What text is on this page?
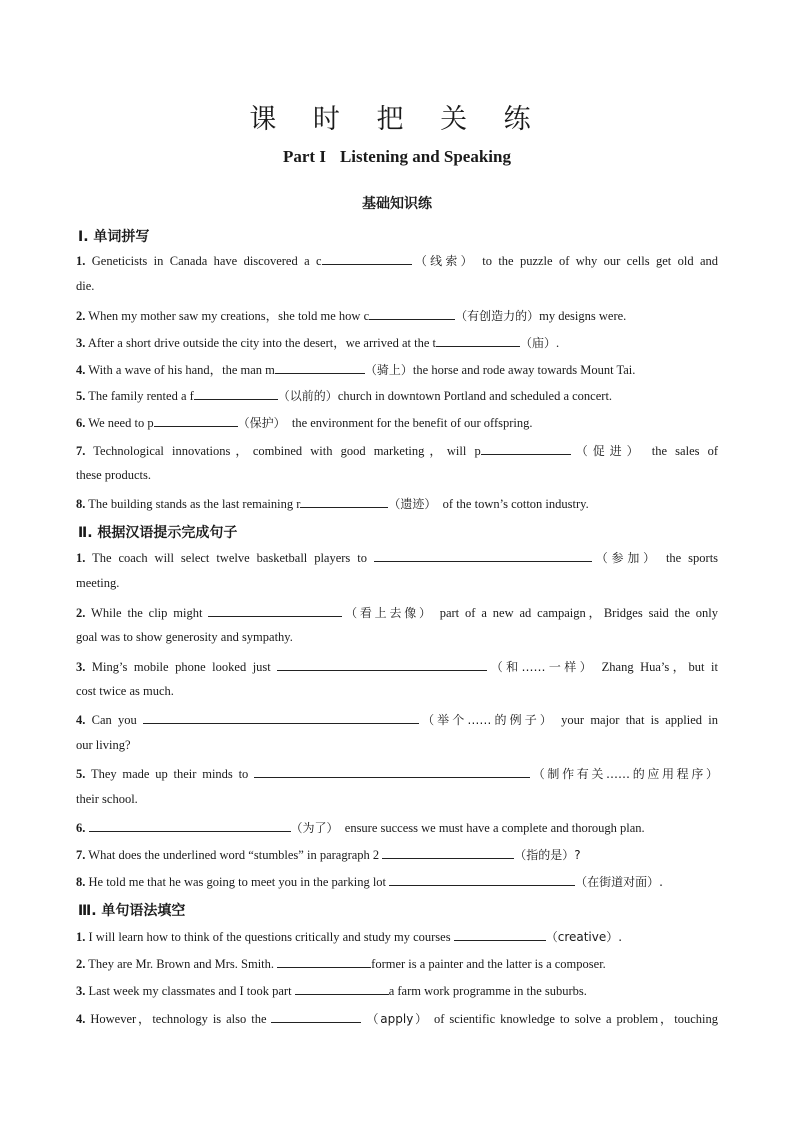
课 时 把 关 练
Part I Listening and Speaking
基础知识练
Ⅰ. 单词拼写
1. Geneticists in Canada have discovered a c	（线索） to the puzzle of why our cells get old and
die.
2. When my mother saw my creations，she told me how c	（有创造力的）my designs were.
3. After a short drive outside the city into the desert，we arrived at the t	（庙）.
4. With a wave of his hand，the man m	（骑上）the horse and rode away towards Mount Tai.
5. The family rented a f	（以前的）church in downtown Portland and scheduled a concert.
6. We need to p	（保护） the environment for the benefit of our offspring.
7. Technological innovations，combined with good marketing，will p	（促进） the sales of
these products.
8. The building stands as the last remaining r	（遗迹） of the town’s cotton industry.
Ⅱ. 根据汉语提示完成句子
1. The coach will select twelve basketball players to	（参加） the sports
meeting.
2. While the clip might	（看上去像） part of a new ad campaign，Bridges said the only
goal was to show generosity and sympathy.
3. Ming’s mobile phone looked just	（和……一样） Zhang Hua’s，but it
cost twice as much.
4. Can you	（举个……的例子） your major that is applied in
our living?
5. They made up their minds to	（制作有关……的应用程序）
their school.
6.	（为了） ensure success we must have a complete and thorough plan.
7. What does the underlined word “stumbles” in paragraph 2	（指的是）?
8. He told me that he was going to meet you in the parking lot	（在街道对面）.
Ⅲ. 单句语法填空
1. I will learn how to think of the questions critically and study my courses	（creative）.
2. They are Mr. Brown and Mrs. Smith.	former is a painter and the latter is a composer.
3. Last week my classmates and I took part	a farm work programme in the suburbs.
4. However，technology is also the	（apply） of scientific knowledge to solve a problem，touching
